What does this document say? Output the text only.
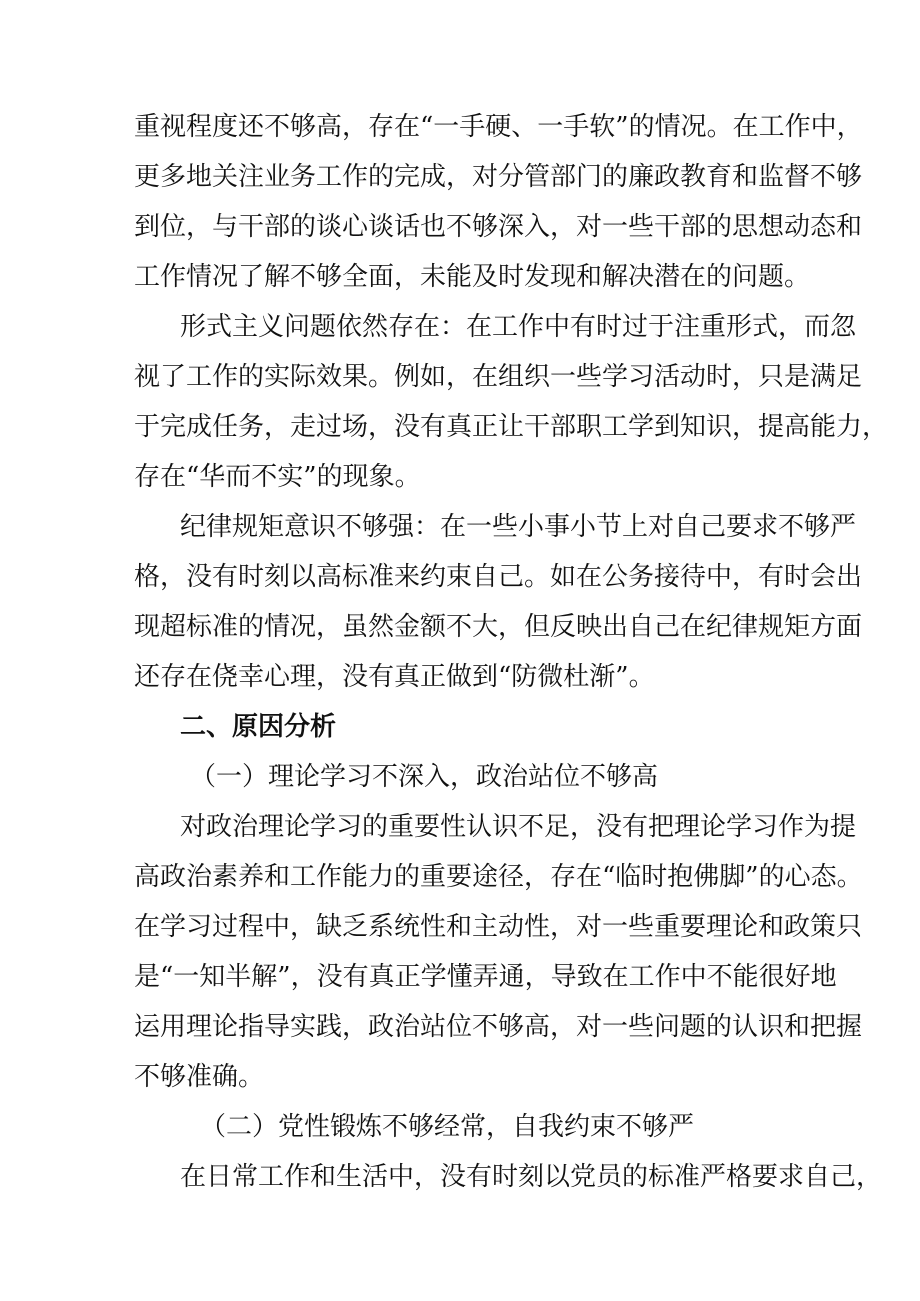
重视程度还不够高，存在“一手硬、一手软”的情况。在工作中，
更多地关注业务工作的完成，对分管部门的廉政教育和监督不够
到位，与干部的谈心谈话也不够深入，对一些干部的思想动态和
工作情况了解不够全面，未能及时发现和解决潜在的问题。
形式主义问题依然存在：在工作中有时过于注重形式，而忽
视了工作的实际效果。例如，在组织一些学习活动时，只是满足
于完成任务，走过场，没有真正让干部职工学到知识，提高能力，
存在“华而不实”的现象。
纪律规矩意识不够强：在一些小事小节上对自己要求不够严
格，没有时刻以高标准来约束自己。如在公务接待中，有时会出
现超标准的情况，虽然金额不大，但反映出自己在纪律规矩方面
还存在侥幸心理，没有真正做到“防微杜渐”。
二、原因分析
（一）理论学习不深入，政治站位不够高
对政治理论学习的重要性认识不足，没有把理论学习作为提
高政治素养和工作能力的重要途径，存在“临时抱佛脚”的心态。
在学习过程中，缺乏系统性和主动性，对一些重要理论和政策只
是“一知半解”，没有真正学懂弄通，导致在工作中不能很好地
运用理论指导实践，政治站位不够高，对一些问题的认识和把握
不够准确。
（二）党性锻炼不够经常，自我约束不够严
在日常工作和生活中，没有时刻以党员的标准严格要求自己，
